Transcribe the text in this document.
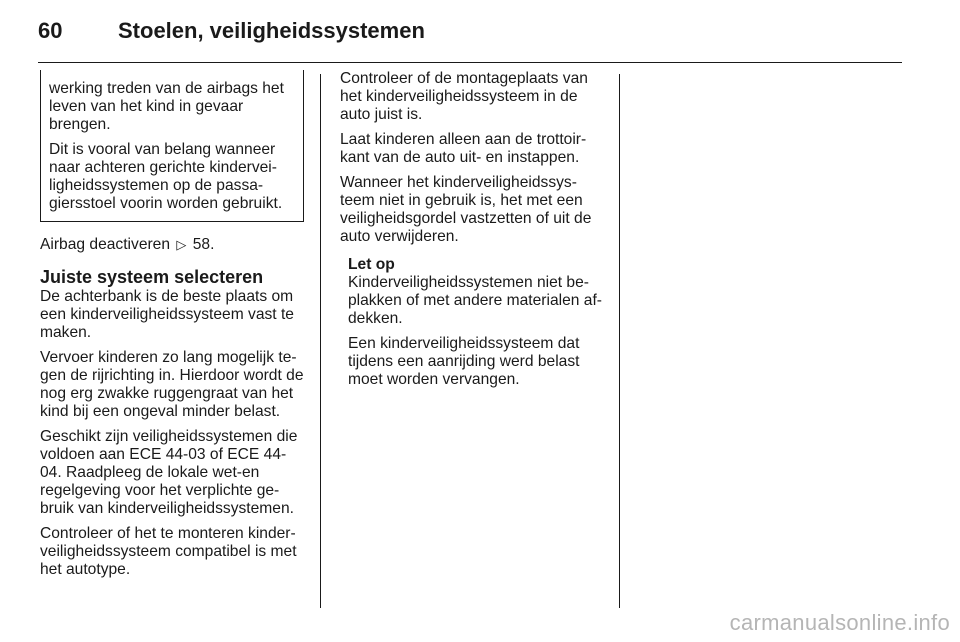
60	Stoelen, veiligheidssystemen

werking treden van de airbags het leven van het kind in gevaar brengen.

Dit is vooral van belang wanneer naar achteren gerichte kindervei-ligheidssystemen op de passa-giersstoel voorin worden gebruikt.

Airbag deactiveren ▷ 58.

Juiste systeem selecteren

De achterbank is de beste plaats om een kinderveiligheidssysteem vast te maken.

Vervoer kinderen zo lang mogelijk te-gen de rijrichting in. Hierdoor wordt de nog erg zwakke ruggengraat van het kind bij een ongeval minder belast.

Geschikt zijn veiligheidssystemen die voldoen aan ECE 44-03 of ECE 44-04. Raadpleeg de lokale wet-en regelgeving voor het verplichte ge-bruik van kinderveiligheidssystemen.

Controleer of het te monteren kinder-veiligheidssysteem compatibel is met het autotype.

Controleer of de montageplaats van het kinderveiligheidssysteem in de auto juist is.

Laat kinderen alleen aan de trottoir-kant van de auto uit- en instappen.

Wanneer het kinderveiligheidssys-teem niet in gebruik is, het met een veiligheidsgordel vastzetten of uit de auto verwijderen.

Let op

Kinderveiligheidssystemen niet be-plakken of met andere materialen af-dekken.

Een kinderveiligheidssysteem dat tijdens een aanrijding werd belast moet worden vervangen.

carmanualsonline.info
